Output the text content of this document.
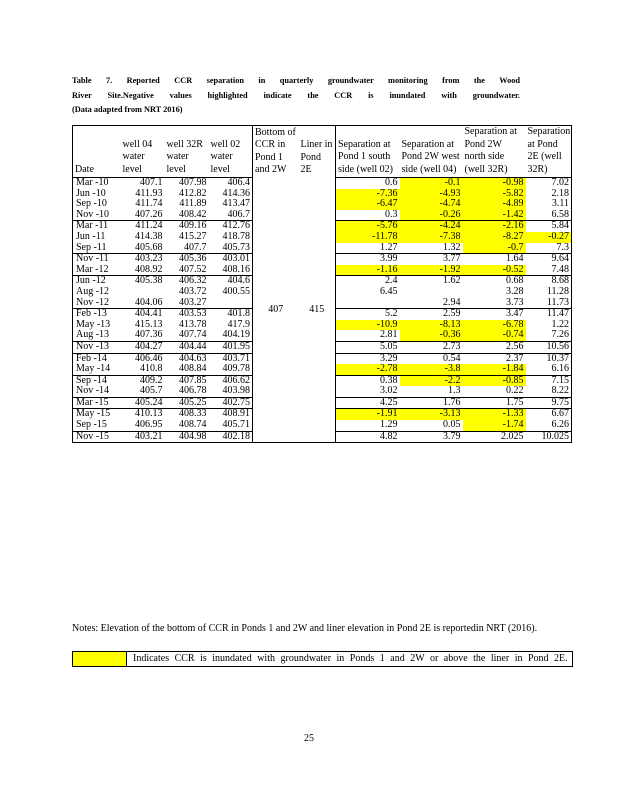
Table 7. Reported CCR separation in quarterly groundwater monitoring from the Wood
River Site.Negative values highlighted indicate the CCR is inundated with groundwater.
(Data adapted from NRT 2016)
Date	well 04 water level	well 32R water level	well 02 water level	Bottom of CCR in Pond 1 and 2W	Liner in Pond 2E	Separation at Pond 1 south side (well 02)	Separation at Pond 2W west side (well 04)	Separation at Pond 2W north side (well 32R)	Separation at Pond 2E (well 32R)
Mar -10	407.1	407.98	406.4	407	415	0.6	-0.1	-0.98	7.02
Jun -10	411.93	412.82	414.36			-7.36	-4.93	-5.82	2.18
Sep -10	411.74	411.89	413.47			-6.47	-4.74	-4.89	3.11
Nov -10	407.26	408.42	406.7			0.3	-0.26	-1.42	6.58
Mar -11	411.24	409.16	412.76			-5.76	-4.24	-2.16	5.84
Jun -11	414.38	415.27	418.78			-11.78	-7.38	-8.27	-0.27
Sep -11	405.68	407.7	405.73			1.27	1.32	-0.7	7.3
Nov -11	403.23	405.36	403.01			3.99	3.77	1.64	9.64
Mar -12	408.92	407.52	408.16			-1.16	-1.92	-0.52	7.48
Jun -12	405.38	406.32	404.6			2.4	1.62	0.68	8.68
Aug -12		403.72	400.55			6.45		3.28	11.28
Nov -12	404.06	403.27					2.94	3.73	11.73
Feb -13	404.41	403.53	401.8			5.2	2.59	3.47	11.47
May -13	415.13	413.78	417.9			-10.9	-8.13	-6.78	1.22
Aug -13	407.36	407.74	404.19			2.81	-0.36	-0.74	7.26
Nov -13	404.27	404.44	401.95			5.05	2.73	2.56	10.56
Feb -14	406.46	404.63	403.71			3.29	0.54	2.37	10.37
May -14	410.8	408.84	409.78			-2.78	-3.8	-1.84	6.16
Sep -14	409.2	407.85	406.62			0.38	-2.2	-0.85	7.15
Nov -14	405.7	406.78	403.98			3.02	1.3	0.22	8.22
Mar -15	405.24	405.25	402.75			4.25	1.76	1.75	9.75
May -15	410.13	408.33	408.91			-1.91	-3.13	-1.33	6.67
Sep -15	406.95	408.74	405.71			1.29	0.05	-1.74	6.26
Nov -15	403.21	404.98	402.18			4.82	3.79	2.025	10.025
Notes: Elevation of the bottom of CCR in Ponds 1 and 2W and liner elevation in Pond 2E is reportedin NRT (2016).
Indicates CCR is inundated with groundwater in Ponds 1 and 2W or above the liner in Pond 2E.
25
